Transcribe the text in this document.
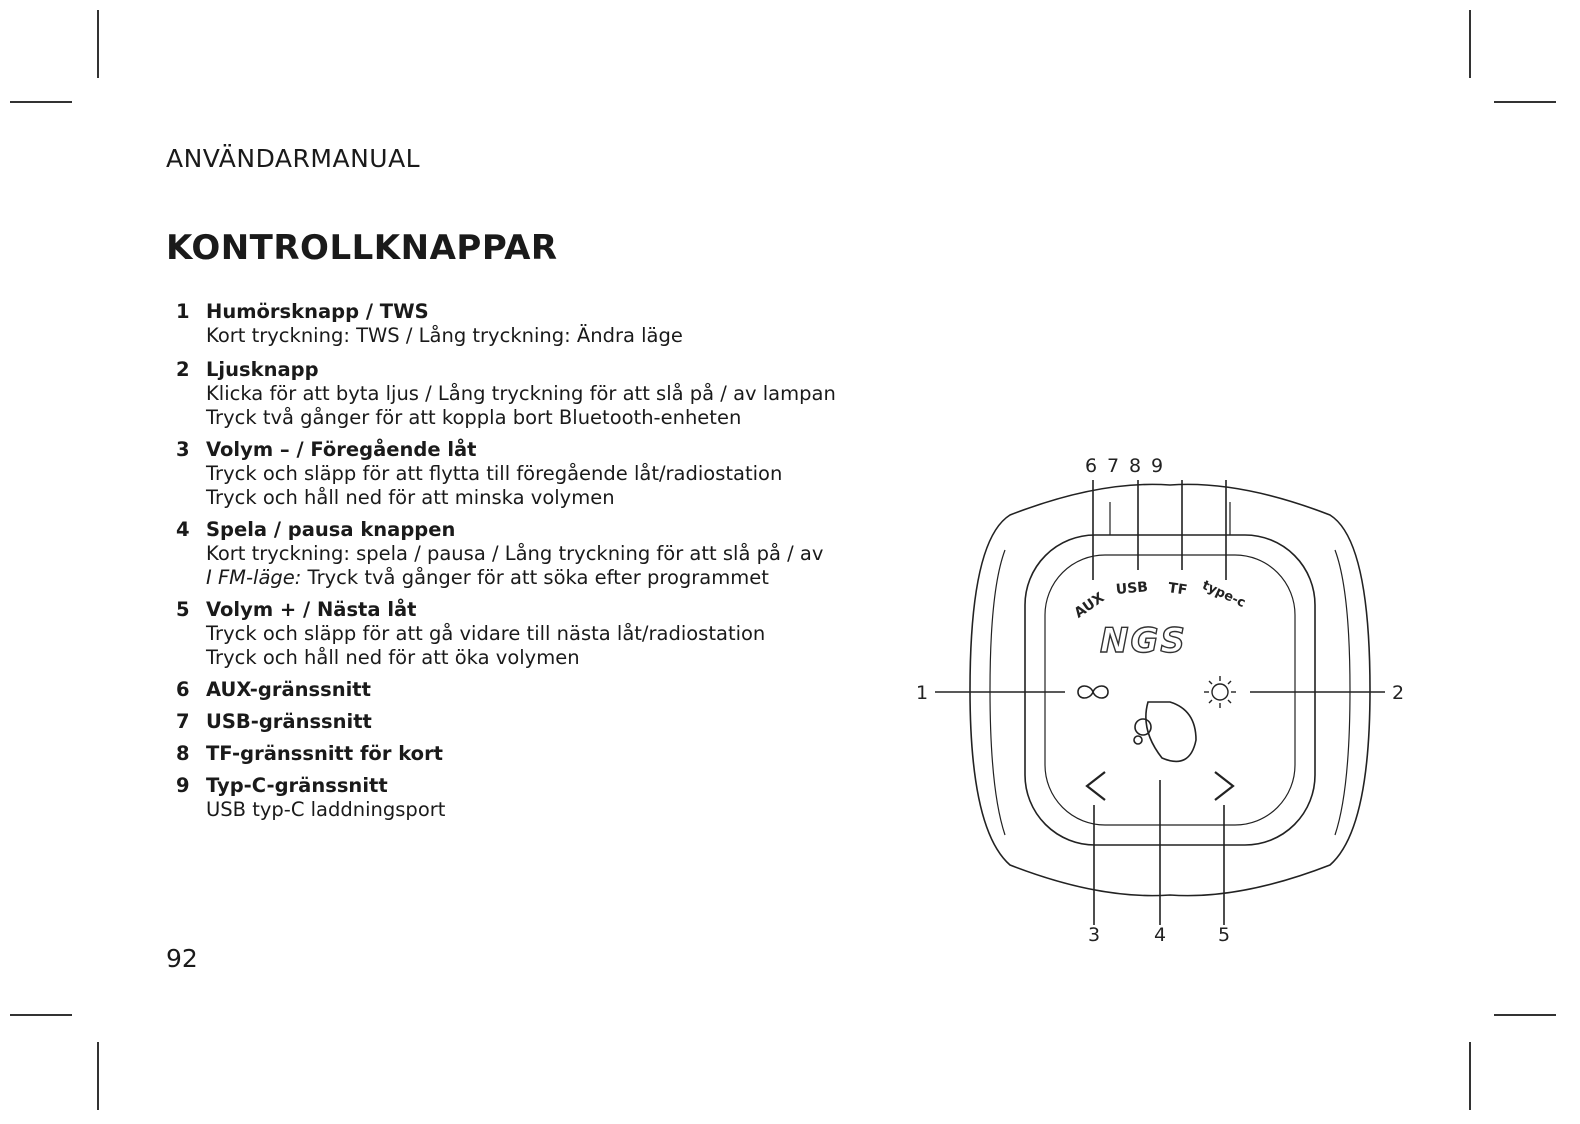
ANVÄNDARMANUAL
KONTROLLKNAPPAR
1 Humörsknapp / TWS
Kort tryckning: TWS / Lång tryckning: Ändra läge
2 Ljusknapp
Klicka för att byta ljus / Lång tryckning för att slå på / av lampan
Tryck två gånger för att koppla bort Bluetooth-enheten
3 Volym – / Föregående låt
Tryck och släpp för att flytta till föregående låt/radiostation
Tryck och håll ned för att minska volymen
4 Spela / pausa knappen
Kort tryckning: spela / pausa / Lång tryckning för att slå på / av
I FM-läge: Tryck två gånger för att söka efter programmet
5 Volym + / Nästa låt
Tryck och släpp för att gå vidare till nästa låt/radiostation
Tryck och håll ned för att öka volymen
6 AUX-gränssnitt
7 USB-gränssnitt
8 TF-gränssnitt för kort
9 Typ-C-gränssnitt
USB typ-C laddningsport
92
6 7 8 9
1	2
3	4	5
AUX
USB TF type-c
NGS
